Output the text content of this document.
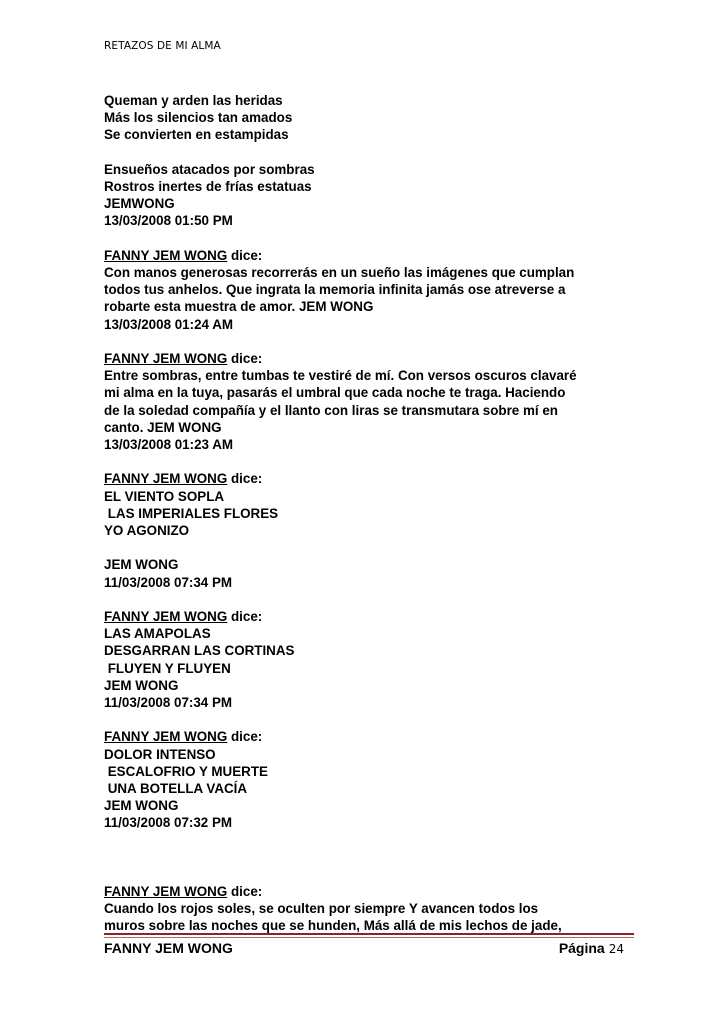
RETAZOS DE MI ALMA
Queman y arden las heridas
Más los silencios tan amados
Se convierten en estampidas
Ensueños atacados por sombras
Rostros inertes de frías estatuas
JEMWONG
13/03/2008 01:50 PM
FANNY JEM WONG dice:
Con manos generosas recorrerás en un sueño las imágenes que cumplan
todos tus anhelos. Que ingrata la memoria infinita jamás ose atreverse a
robarte esta muestra de amor. JEM WONG
13/03/2008 01:24 AM
FANNY JEM WONG dice:
Entre sombras, entre tumbas te vestiré de mí. Con versos oscuros clavaré
mi alma en la tuya, pasarás el umbral que cada noche te traga. Haciendo
de la soledad compañía y el llanto con liras se transmutara sobre mí en
canto. JEM WONG
13/03/2008 01:23 AM
FANNY JEM WONG dice:
EL VIENTO SOPLA
LAS IMPERIALES FLORES
YO AGONIZO
JEM WONG
11/03/2008 07:34 PM
FANNY JEM WONG dice:
LAS AMAPOLAS
DESGARRAN LAS CORTINAS
FLUYEN Y FLUYEN
JEM WONG
11/03/2008 07:34 PM
FANNY JEM WONG dice:
DOLOR INTENSO
ESCALOFRIO Y MUERTE
UNA BOTELLA VACÍA
JEM WONG
11/03/2008 07:32 PM
FANNY JEM WONG dice:
Cuando los rojos soles, se oculten por siempre Y avancen todos los
muros sobre las noches que se hunden, Más allá de mis lechos de jade,
FANNY JEM WONG	Página 24
